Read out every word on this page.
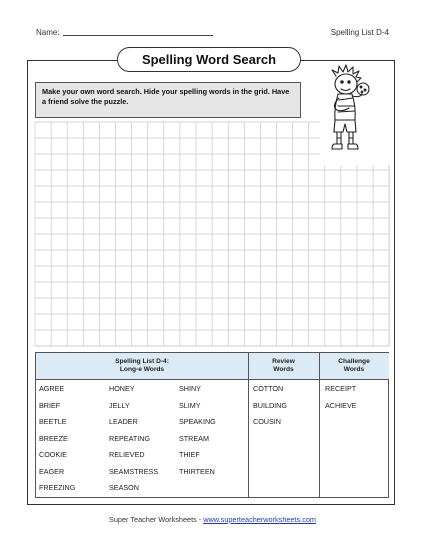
Name:	Spelling List D-4
Spelling Word Search
Make your own word search. Hide your spelling words in the grid. Have a friend solve the puzzle.
Spelling List D-4:
Long-e Words
Review
Words
Challenge
Words
AGREE
BRIEF
BEETLE
BREEZE
COOKIE
EAGER
FREEZING
HONEY
JELLY
LEADER
REPEATING
RELIEVED
SEAMSTRESS
SEASON
SHINY
SLIMY
SPEAKING
STREAM
THIEF
THIRTEEN
COTTON
BUILDING
COUSIN
RECEIPT
ACHIEVE
Super Teacher Worksheets - www.superteacherworksheets.com
